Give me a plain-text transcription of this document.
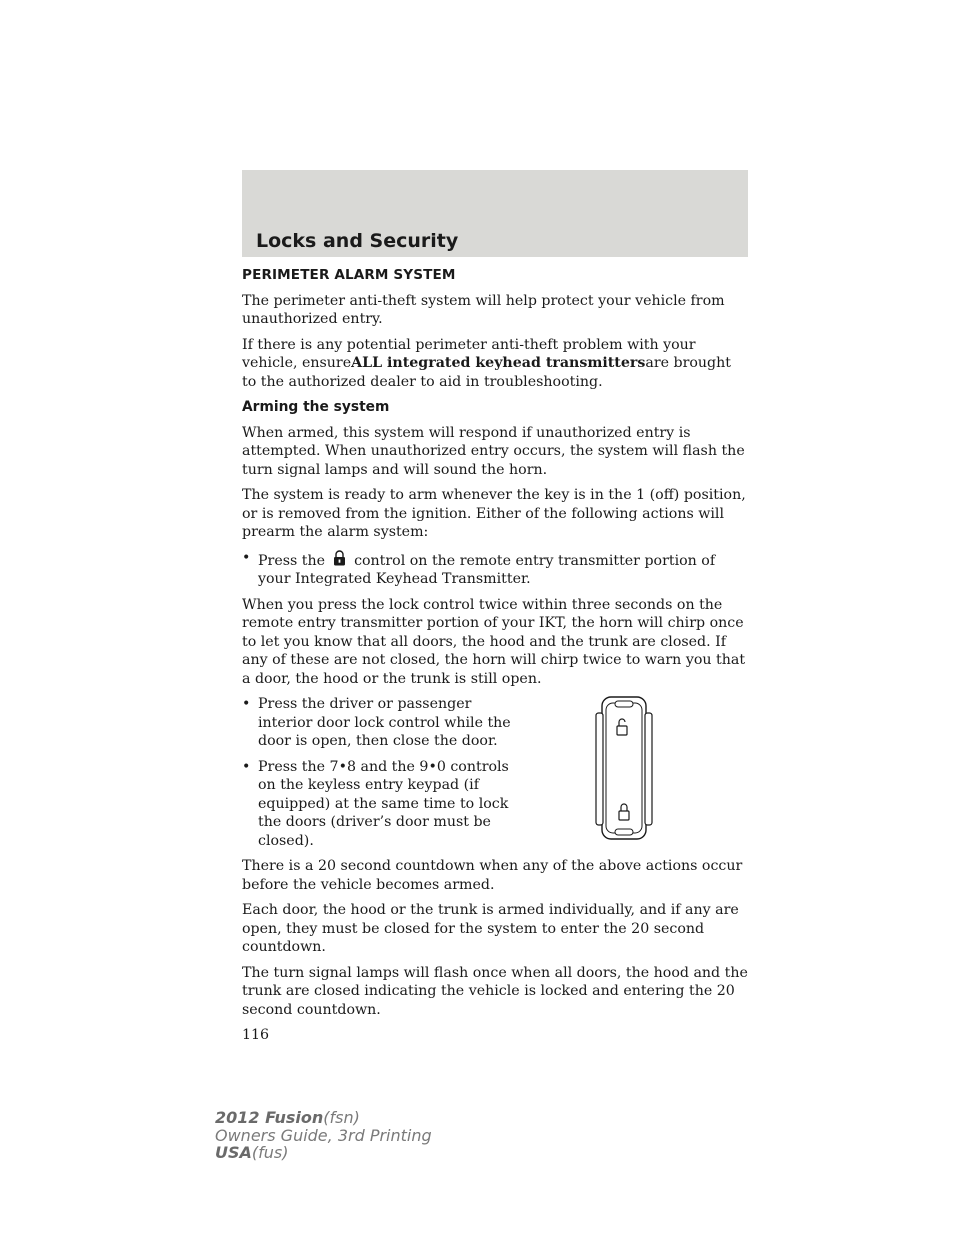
Locks and Security

PERIMETER ALARM SYSTEM

The perimeter anti-theft system will help protect your vehicle from unauthorized entry.

If there is any potential perimeter anti-theft problem with your vehicle, ensureALL integrated keyhead transmittersare brought to the authorized dealer to aid in troubleshooting.

Arming the system

When armed, this system will respond if unauthorized entry is attempted. When unauthorized entry occurs, the system will flash the turn signal lamps and will sound the horn.

The system is ready to arm whenever the key is in the 1 (off) position, or is removed from the ignition. Either of the following actions will prearm the alarm system:

• Press the control on the remote entry transmitter portion of your Integrated Keyhead Transmitter.

When you press the lock control twice within three seconds on the remote entry transmitter portion of your IKT, the horn will chirp once to let you know that all doors, the hood and the trunk are closed. If any of these are not closed, the horn will chirp twice to warn you that a door, the hood or the trunk is still open.

• Press the driver or passenger interior door lock control while the door is open, then close the door.
• Press the 7•8 and the 9•0 controls on the keyless entry keypad (if equipped) at the same time to lock the doors (driver’s door must be closed).

There is a 20 second countdown when any of the above actions occur before the vehicle becomes armed.

Each door, the hood or the trunk is armed individually, and if any are open, they must be closed for the system to enter the 20 second countdown.

The turn signal lamps will flash once when all doors, the hood and the trunk are closed indicating the vehicle is locked and entering the 20 second countdown.

116
2012 Fusion(fsn)
Owners Guide, 3rd Printing
USA(fus)
